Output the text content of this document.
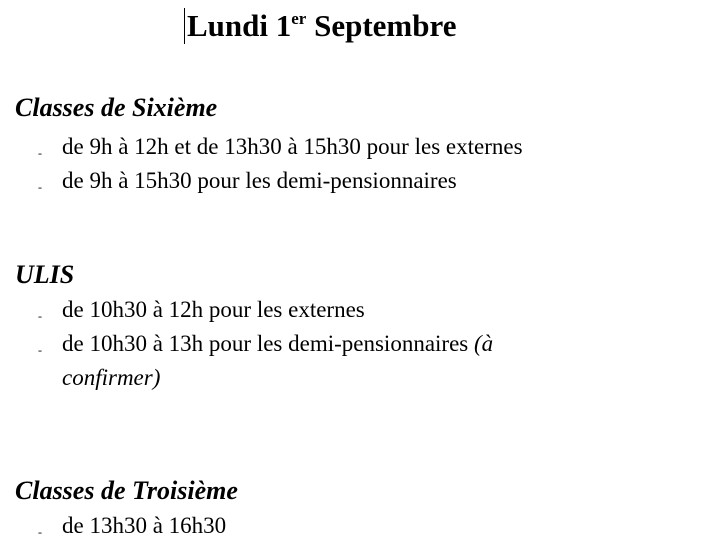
Lundi 1er Septembre
Classes de Sixième
- de 9h à 12h et de 13h30 à 15h30 pour les externes
- de 9h à 15h30 pour les demi-pensionnaires
ULIS
- de 10h30 à 12h pour les externes
- de 10h30 à 13h pour les demi-pensionnaires (à
confirmer)
Classes de Troisième
- de 13h30 à 16h30
